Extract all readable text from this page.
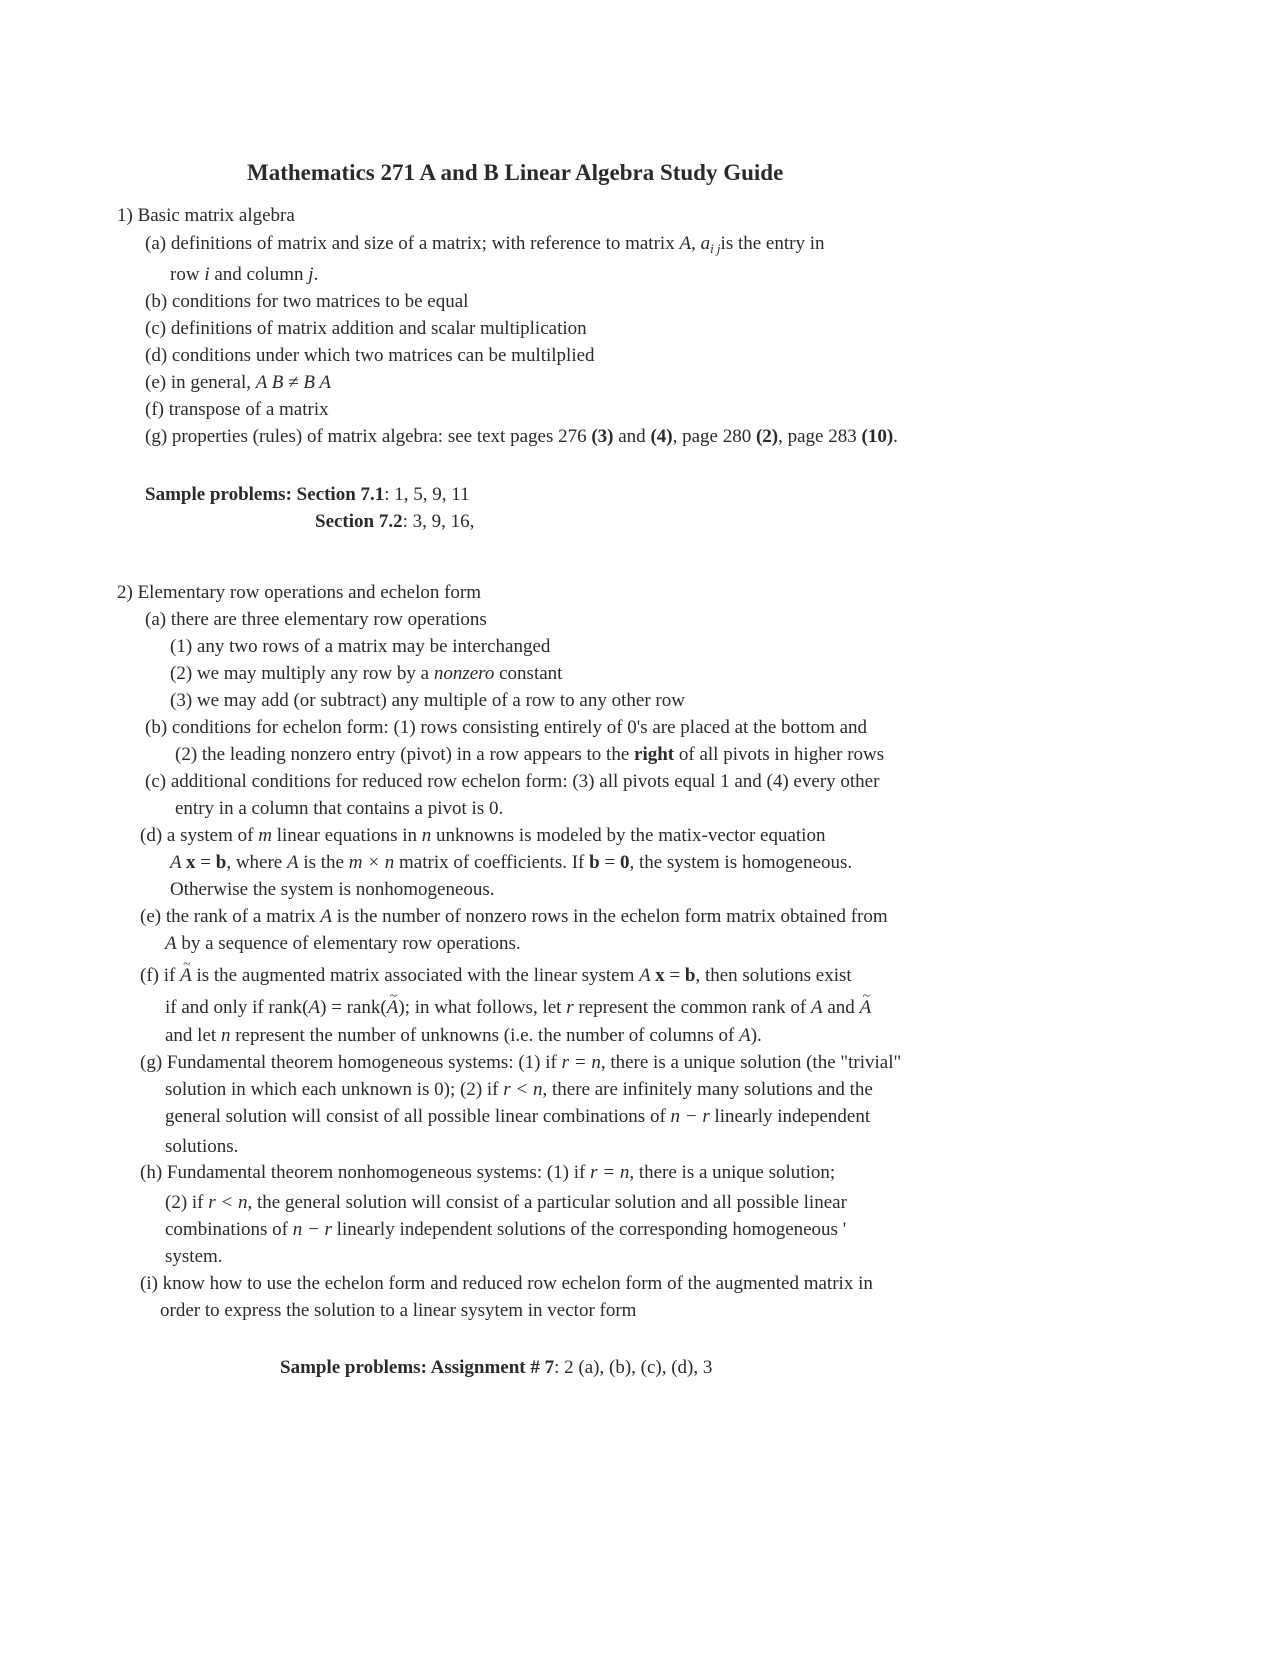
Mathematics 271 A and B Linear Algebra Study Guide
1) Basic matrix algebra
(a) definitions of matrix and size of a matrix; with reference to matrix A, $a_{i j}is$ the entry in
row i and column j.
(b) conditions for two matrices to be equal
(c) definitions of matrix addition and scalar multiplication
(d) conditions under which two matrices can be multilplied
(e) in general, A B ≠ B A
(f) transpose of a matrix
(g) properties (rules) of matrix algebra: see text pages 276 (3) and (4), page 280 (2), page 283 (10).
Sample problems: Section 7.1: 1, 5, 9, 11
Section 7.2: 3, 9, 16,
2) Elementary row operations and echelon form
(a) there are three elementary row operations
(1) any two rows of a matrix may be interchanged
(2) we may multiply any row by a nonzero constant
(3) we may add (or subtract) any multiple of a row to any other row
(b) conditions for echelon form: (1) rows consisting entirely of 0's are placed at the bottom and
(2) the leading nonzero entry (pivot) in a row appears to the right of all pivots in higher rows
(c) additional conditions for reduced row echelon form: (3) all pivots equal 1 and (4) every other
entry in a column that contains a pivot is 0.
(d) a system of m linear equations in n unknowns is modeled by the matix-vector equation
A x = b, where A is the m × n matrix of coefficients. If b = 0, the system is homogeneous.
Otherwise the system is nonhomogeneous.
(e) the rank of a matrix A is the number of nonzero rows in the echelon form matrix obtained from
A by a sequence of elementary row operations.
(f) if ~ A is the augmented matrix associated with the linear system A x = b, then solutions exist
if and only if rank(A) = rank(~ A); in what follows, let r represent the common rank of A and ~ A
and let n represent the number of unknowns (i.e. the number of columns of A).
(g) Fundamental theorem homogeneous systems: (1) if r = n, there is a unique solution (the "trivial"
solution in which each unknown is 0); (2) if r < n, there are infinitely many solutions and the
general solution will consist of all possible linear combinations of n − r linearly independent
solutions.
(h) Fundamental theorem nonhomogeneous systems: (1) if r = n, there is a unique solution;
(2) if r < n, the general solution will consist of a particular solution and all possible linear
combinations of n − r linearly independent solutions of the corresponding homogeneous '
system.
(i) know how to use the echelon form and reduced row echelon form of the augmented matrix in
order to express the solution to a linear sysytem in vector form
Sample problems: Assignment # 7: 2 (a), (b), (c), (d), 3
